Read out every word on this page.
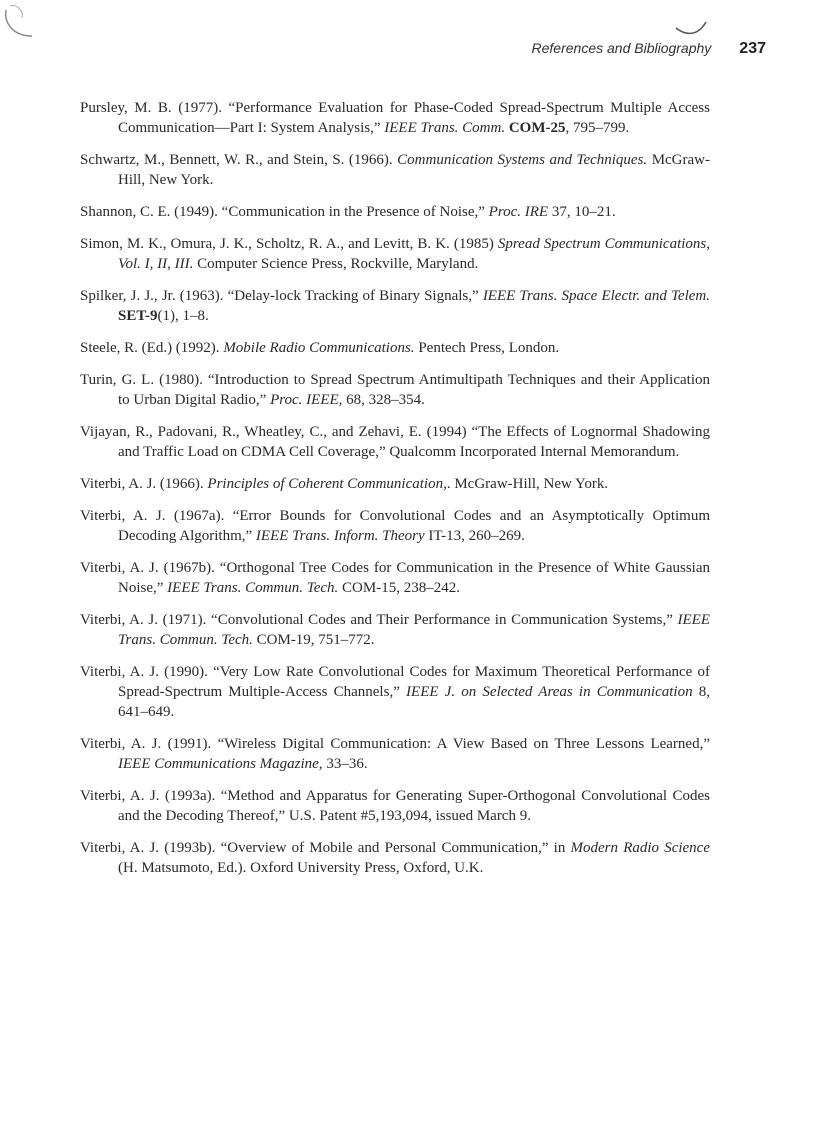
References and Bibliography 237

Pursley, M. B. (1977). “Performance Evaluation for Phase-Coded Spread-Spectrum Multiple Access Communication—Part I: System Analysis,” IEEE Trans. Comm. COM-25, 795–799.

Schwartz, M., Bennett, W. R., and Stein, S. (1966). Communication Systems and Techniques. McGraw-Hill, New York.

Shannon, C. E. (1949). “Communication in the Presence of Noise,” Proc. IRE 37, 10–21.

Simon, M. K., Omura, J. K., Scholtz, R. A., and Levitt, B. K. (1985) Spread Spectrum Communications, Vol. I, II, III. Computer Science Press, Rockville, Maryland.

Spilker, J. J., Jr. (1963). “Delay-lock Tracking of Binary Signals,” IEEE Trans. Space Electr. and Telem. SET-9(1), 1–8.

Steele, R. (Ed.) (1992). Mobile Radio Communications. Pentech Press, London.

Turin, G. L. (1980). “Introduction to Spread Spectrum Antimultipath Techniques and their Application to Urban Digital Radio,” Proc. IEEE, 68, 328–354.

Vijayan, R., Padovani, R., Wheatley, C., and Zehavi, E. (1994) “The Effects of Lognormal Shadowing and Traffic Load on CDMA Cell Coverage,” Qualcomm Incorporated Internal Memorandum.

Viterbi, A. J. (1966). Principles of Coherent Communication,. McGraw-Hill, New York.

Viterbi, A. J. (1967a). “Error Bounds for Convolutional Codes and an Asymptotically Optimum Decoding Algorithm,” IEEE Trans. Inform. Theory IT-13, 260–269.

Viterbi, A. J. (1967b). “Orthogonal Tree Codes for Communication in the Presence of White Gaussian Noise,” IEEE Trans. Commun. Tech. COM-15, 238–242.

Viterbi, A. J. (1971). “Convolutional Codes and Their Performance in Communication Systems,” IEEE Trans. Commun. Tech. COM-19, 751–772.

Viterbi, A. J. (1990). “Very Low Rate Convolutional Codes for Maximum Theoretical Performance of Spread-Spectrum Multiple-Access Channels,” IEEE J. on Selected Areas in Communication 8, 641–649.

Viterbi, A. J. (1991). “Wireless Digital Communication: A View Based on Three Lessons Learned,” IEEE Communications Magazine, 33–36.

Viterbi, A. J. (1993a). “Method and Apparatus for Generating Super-Orthogonal Convolutional Codes and the Decoding Thereof,” U.S. Patent #5,193,094, issued March 9.

Viterbi, A. J. (1993b). “Overview of Mobile and Personal Communication,” in Modern Radio Science (H. Matsumoto, Ed.). Oxford University Press, Oxford, U.K.
